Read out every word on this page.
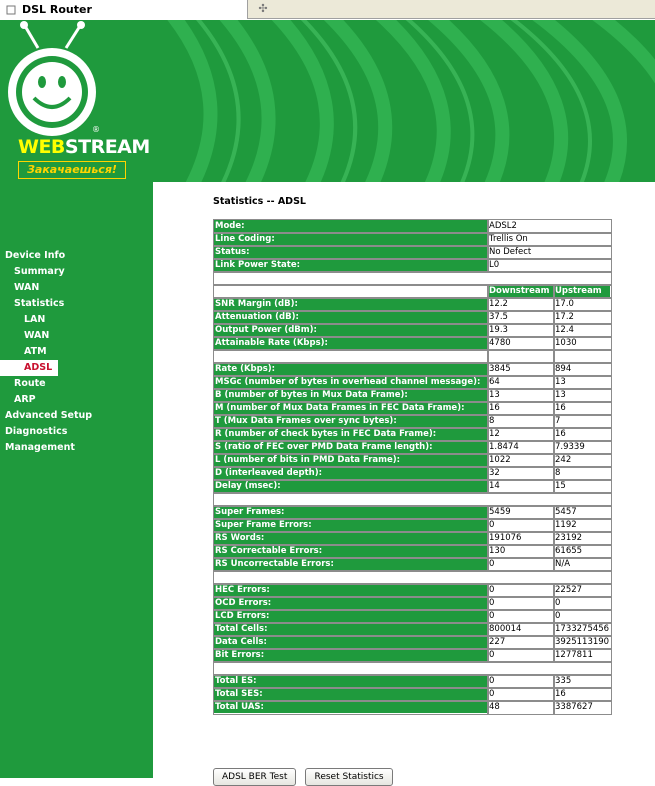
DSL Router	✣
®
WEBSTREAM
Закачаешься!
Device Info
Summary
WAN
Statistics
LAN
WAN
ATM
ADSL
Route
ARP
Advanced Setup
Diagnostics
Management
Statistics -- ADSL
Mode:	ADSL2	
Line Coding:	Trellis On	
Status:	No Defect	
Link Power State:	L0	

	Downstream	Upstream
SNR Margin (dB):	12.2	17.0
Attenuation (dB):	37.5	17.2
Output Power (dBm):	19.3	12.4
Attainable Rate (Kbps):	4780	1030

Rate (Kbps):	3845	894
MSGc (number of bytes in overhead channel message):	64	13
B (number of bytes in Mux Data Frame):	13	13
M (number of Mux Data Frames in FEC Data Frame):	16	16
T (Mux Data Frames over sync bytes):	8	7
R (number of check bytes in FEC Data Frame):	12	16
S (ratio of FEC over PMD Data Frame length):	1.8474	7.9339
L (number of bits in PMD Data Frame):	1022	242
D (interleaved depth):	32	8
Delay (msec):	14	15

Super Frames:	5459	5457
Super Frame Errors:	0	1192
RS Words:	191076	23192
RS Correctable Errors:	130	61655
RS Uncorrectable Errors:	0	N/A

HEC Errors:	0	22527
OCD Errors:	0	0
LCD Errors:	0	0
Total Cells:	800014	1733275456
Data Cells:	227	3925113190
Bit Errors:	0	1277811

Total ES:	0	335
Total SES:	0	16
Total UAS:	48	3387627
ADSL BER Test	Reset Statistics
